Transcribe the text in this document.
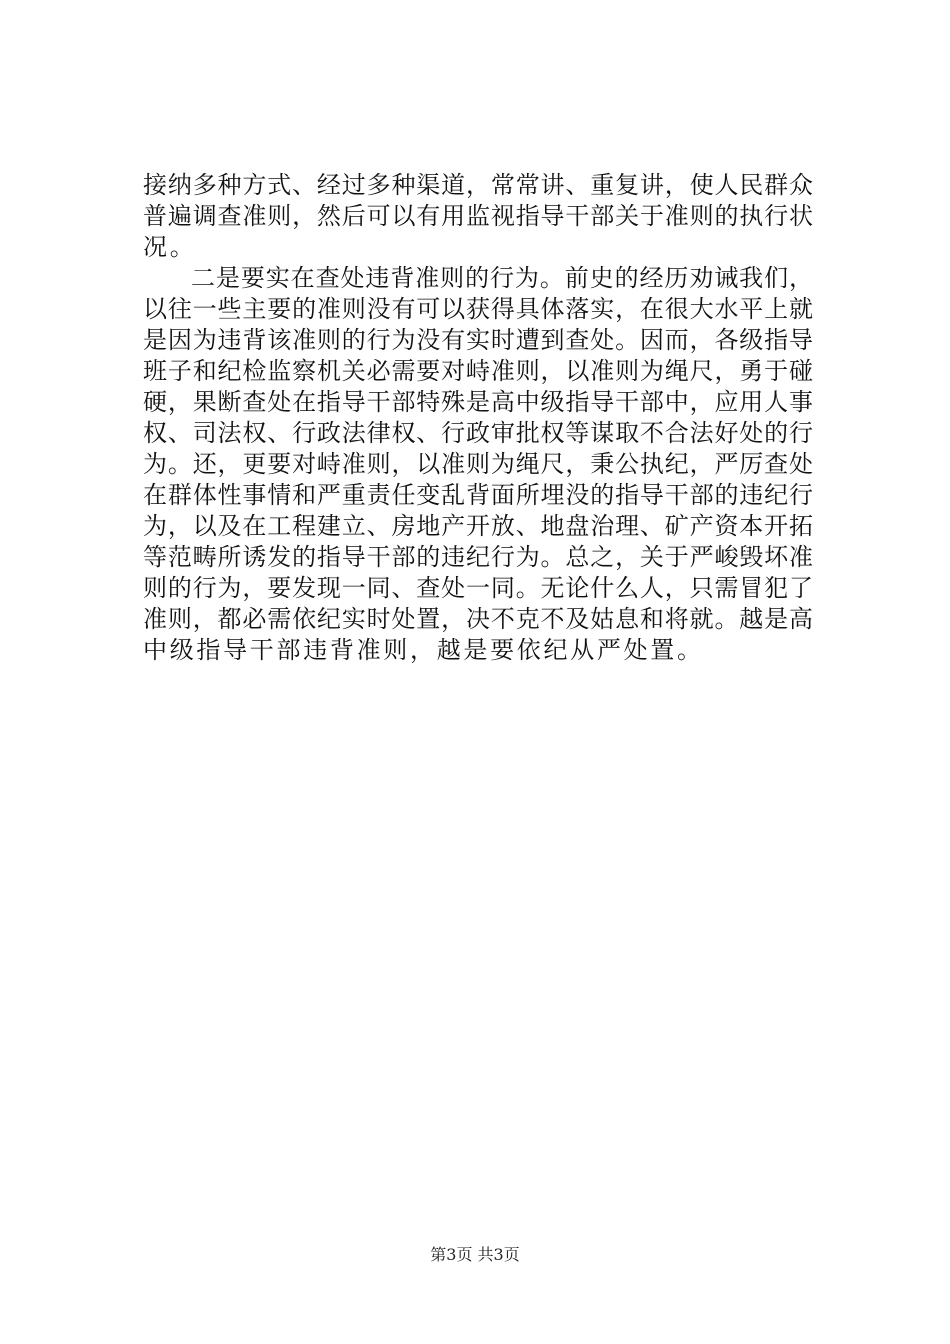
接纳多种方式、经过多种渠道，常常讲、重复讲，使人民群众
普遍调查准则，然后可以有用监视指导干部关于准则的执行状
况。
二是要实在查处违背准则的行为。前史的经历劝诫我们，
以往一些主要的准则没有可以获得具体落实，在很大水平上就
是因为违背该准则的行为没有实时遭到查处。因而，各级指导
班子和纪检监察机关必需要对峙准则，以准则为绳尺，勇于碰
硬，果断查处在指导干部特殊是高中级指导干部中，应用人事
权、司法权、行政法律权、行政审批权等谋取不合法好处的行
为。还，更要对峙准则，以准则为绳尺，秉公执纪，严厉查处
在群体性事情和严重责任变乱背面所埋没的指导干部的违纪行
为，以及在工程建立、房地产开放、地盘治理、矿产资本开拓
等范畴所诱发的指导干部的违纪行为。总之，关于严峻毁坏准
则的行为，要发现一同、查处一同。无论什么人，只需冒犯了
准则，都必需依纪实时处置，决不克不及姑息和将就。越是高
中级指导干部违背准则，越是要依纪从严处置。
第3页 共3页
